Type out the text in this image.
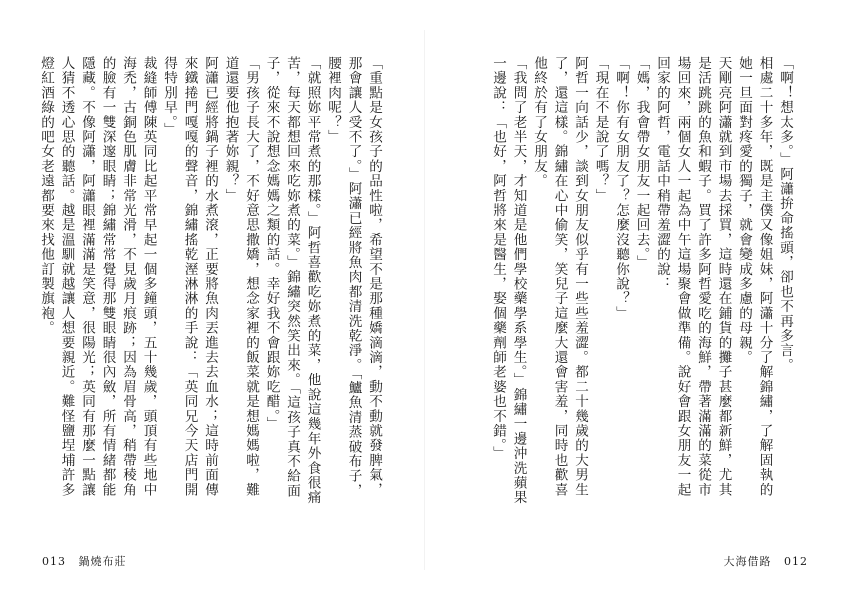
「重點是女孩子的品性啦，希望不是那種嬌滴滴，動不動就發脾氣，那會讓人受不了。」阿瀟已經將魚肉都清洗乾淨。「鱸魚清蒸破布子，腰裡肉呢？」

「就照妳平常煮的那樣。」阿哲喜歡吃妳煮的菜，他說這幾年外食很痛苦，每天都想回來吃妳煮的菜。」錦繡突然笑出來。「這孩子真不給面子，從來不說想念媽媽之類的話。幸好我不會跟妳吃醋。」

「男孩子長大了，不好意思撒嬌，想念家裡的飯菜就是想媽媽啦，難道還要他抱著妳親？」

阿瀟已經將鍋子裡的水煮滾，正要將魚肉丟進去去血水；這時前面傳來鐵捲門嘎嘎的聲音，錦繡搖乾溼淋淋的手說：「英同兄今天店門開得特別早。」

裁縫師傅陳英同比起平常早起一個多鐘頭，五十幾歲，頭頂有些地中海禿，古銅色肌膚非常光滑，不見歲月痕跡；因為眉骨高，稍帶稜角的臉有一雙深邃眼睛；錦繡常常覺得那雙眼睛很內斂，所有情緒都能隱藏。不像阿瀟，阿瀟眼裡滿滿是笑意，很陽光；英同有那麼一點讓人猜不透心思的聽話。越是溫馴就越讓人想要親近。難怪鹽埕埔許多燈紅酒綠的吧女老遠都要來找他訂製旗袍。

013 鍋燒布莊

「啊！想太多。」阿瀟拚命搖頭，卻也不再多言。

相處二十多年，既是主僕又像姐妹，阿瀟十分了解錦繡，了解固執的她一旦面對疼愛的獨子，就會變成多慮的母親。

天剛亮阿瀟就到市場去採買，這時還在鋪貨的攤子甚麼都新鮮，尤其是活跳跳的魚和蝦子。買了許多阿哲愛吃的海鮮，帶著滿滿的菜從市場回來，兩個女人一起為中午這場聚會做準備。說好會跟女朋友一起回家的阿哲，電話中稍帶羞澀的說：

「媽，我會帶女朋友一起回去。」

「啊！你有女朋友了？怎麼沒聽你說？」

「現在不是說了嗎？」

阿哲一向話少，談到女朋友似乎有一些些羞澀。都二十幾歲的大男生了，還這樣。錦繡在心中偷笑，笑兒子這麼大還會害羞，同時也歡喜他終於有了女朋友。

「我問了老半天，才知道是他們學校藥學系學生。」錦繡一邊沖洗蘋果一邊說：「也好，阿哲將來是醫生，娶個藥劑師老婆也不錯。」

大海借路 012
